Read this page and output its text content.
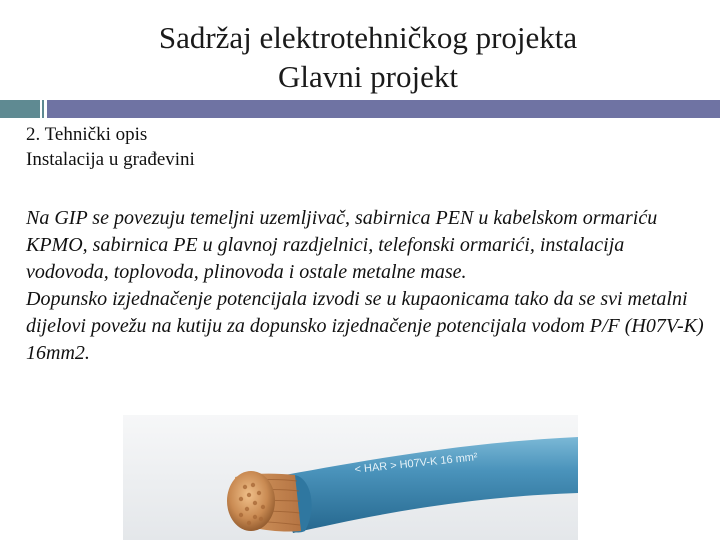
Sadržaj elektrotehničkog projekta
Glavni projekt
2. Tehnički opis
Instalacija u građevini

Na GIP se povezuju temeljni uzemljivač, sabirnica PEN u kabelskom ormariću KPMO, sabirnica PE u glavnoj razdjelnici, telefonski ormarići, instalacija vodovoda, toplovoda, plinovoda i ostale metalne mase.

Dopunsko izjednačenje potencijala izvodi se u kupaonicama tako da se svi metalni dijelovi povežu na kutiju za dopunsko izjednačenje potencijala vodom P/F (H07V-K) 16mm2.

< HAR > H07V-K 16 mm²
